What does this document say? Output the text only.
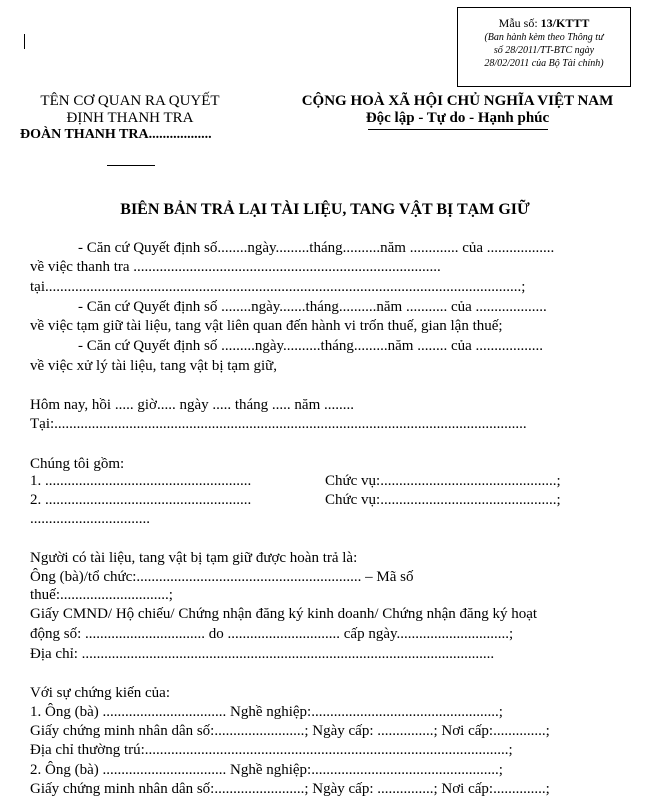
Mẫu số: 13/KTTT
(Ban hành kèm theo Thông tư
số 28/2011/TT-BTC ngày
28/02/2011 của Bộ Tài chính)
TÊN CƠ QUAN RA QUYẾT
ĐỊNH THANH TRA
ĐOÀN THANH TRA..................
CỘNG HOÀ XÃ HỘI CHỦ NGHĨA VIỆT NAM
Độc lập - Tự do - Hạnh phúc
BIÊN BẢN TRẢ LẠI TÀI LIỆU, TANG VẬT BỊ TẠM GIỮ
- Căn cứ Quyết định số........ngày.........tháng..........năm ............. của ..................
về việc thanh tra ..................................................................................
tại...............................................................................................................................;
- Căn cứ Quyết định số ........ngày.......tháng..........năm ........... của ...................
về việc tạm giữ tài liệu, tang vật liên quan đến hành vi trốn thuế, gian lận thuế;
- Căn cứ Quyết định số .........ngày..........tháng.........năm ........ của ..................
về việc xử lý tài liệu, tang vật bị tạm giữ,
Hôm nay, hồi ..... giờ..... ngày ..... tháng ..... năm ........
Tại:..............................................................................................................................
Chúng tôi gồm:
1. .......................................................	Chức vụ:...............................................;
2. .......................................................	Chức vụ:...............................................;
................................
Người có tài liệu, tang vật bị tạm giữ được hoàn trả là:
Ông (bà)/tổ chức:............................................................ – Mã số
thuế:.............................;
Giấy CMND/ Hộ chiếu/ Chứng nhận đăng ký kinh doanh/ Chứng nhận đăng ký hoạt
động số: ................................ do .............................. cấp ngày..............................;
Địa chỉ: ..............................................................................................................
Với sự chứng kiến của:
1. Ông (bà) ................................. Nghề nghiệp:..................................................;
Giấy chứng minh nhân dân số:........................; Ngày cấp: ...............; Nơi cấp:..............;
Địa chỉ thường trú:.................................................................................................;
2. Ông (bà) ................................. Nghề nghiệp:..................................................;
Giấy chứng minh nhân dân số:........................; Ngày cấp: ...............; Nơi cấp:..............;
